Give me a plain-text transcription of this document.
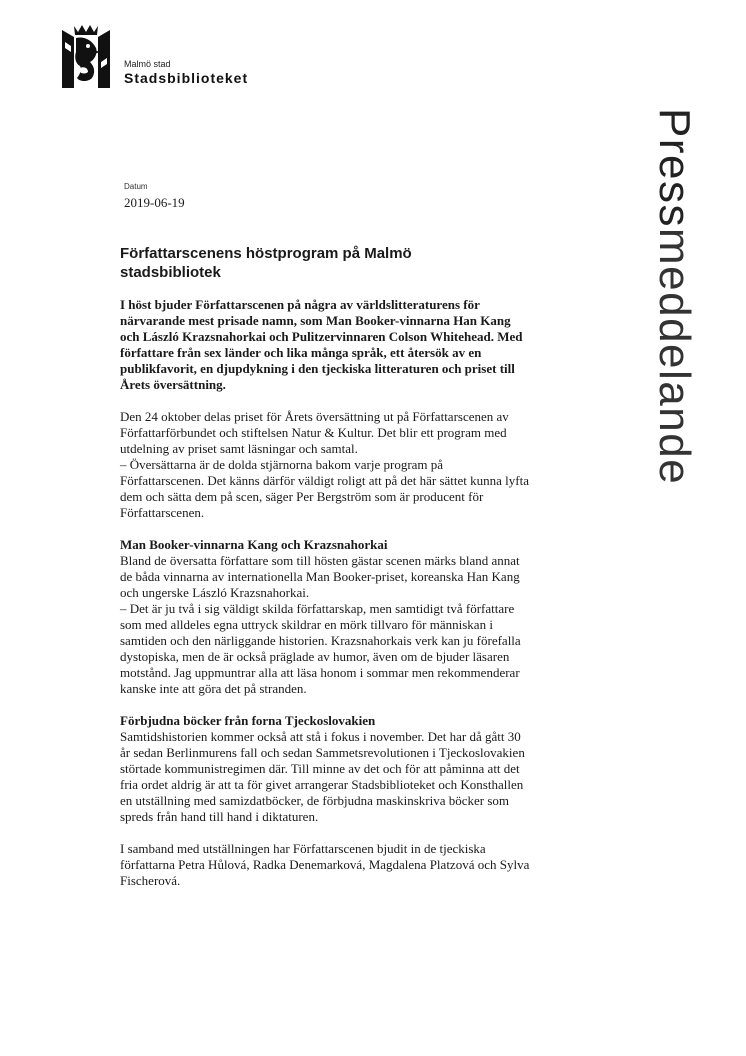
Malmö stad
Stadsbiblioteket
Pressmeddelande
Datum
2019-06-19
Författarscenens höstprogram på Malmö
stadsbibliotek

I höst bjuder Författarscenen på några av världslitteraturens för
närvarande mest prisade namn, som Man Booker-vinnarna Han Kang
och László Krazsnahorkai och Pulitzervinnaren Colson Whitehead. Med
författare från sex länder och lika många språk, ett återsök av en
publikfavorit, en djupdykning i den tjeckiska litteraturen och priset till
Årets översättning.

Den 24 oktober delas priset för Årets översättning ut på Författarscenen av
Författarförbundet och stiftelsen Natur & Kultur. Det blir ett program med
utdelning av priset samt läsningar och samtal.
– Översättarna är de dolda stjärnorna bakom varje program på
Författarscenen. Det känns därför väldigt roligt att på det här sättet kunna lyfta
dem och sätta dem på scen, säger Per Bergström som är producent för
Författarscenen.

Man Booker-vinnarna Kang och Krazsnahorkai
Bland de översatta författare som till hösten gästar scenen märks bland annat
de båda vinnarna av internationella Man Booker-priset, koreanska Han Kang
och ungerske László Krazsnahorkai.
– Det är ju två i sig väldigt skilda författarskap, men samtidigt två författare
som med alldeles egna uttryck skildrar en mörk tillvaro för människan i
samtiden och den närliggande historien. Krazsnahorkais verk kan ju förefalla
dystopiska, men de är också präglade av humor, även om de bjuder läsaren
motstånd. Jag uppmuntrar alla att läsa honom i sommar men rekommenderar
kanske inte att göra det på stranden.
Förbjudna böcker från forna Tjeckoslovakien
Samtidshistorien kommer också att stå i fokus i november. Det har då gått 30
år sedan Berlinmurens fall och sedan Sammetsrevolutionen i Tjeckoslovakien
störtade kommunistregimen där. Till minne av det och för att påminna att det
fria ordet aldrig är att ta för givet arrangerar Stadsbiblioteket och Konsthallen
en utställning med samizdatböcker, de förbjudna maskinskriva böcker som
spreds från hand till hand i diktaturen.

I samband med utställningen har Författarscenen bjudit in de tjeckiska
författarna Petra Hůlová, Radka Denemarková, Magdalena Platzová och Sylva
Fischerová.
